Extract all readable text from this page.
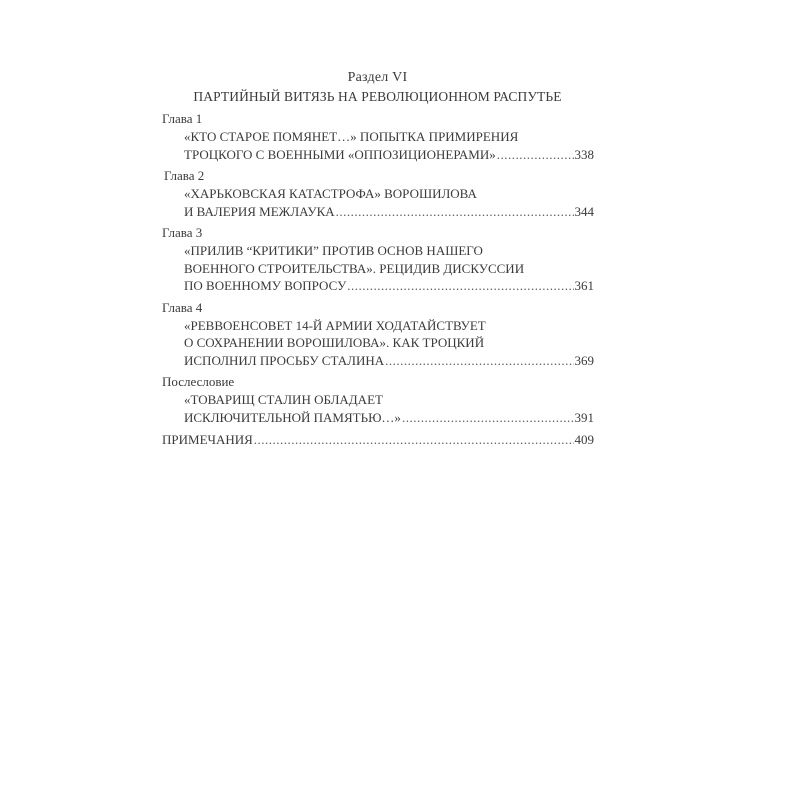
Раздел VI
ПАРТИЙНЫЙ ВИТЯЗЬ НА РЕВОЛЮЦИОННОМ РАСПУТЬЕ
Глава 1
«КТО СТАРОЕ ПОМЯНЕТ…» ПОПЫТКА ПРИМИРЕНИЯ
ТРОЦКОГО С ВОЕННЫМИ «ОППОЗИЦИОНЕРАМИ» .....	338
Глава 2
«ХАРЬКОВСКАЯ КАТАСТРОФА» ВОРОШИЛОВА
И ВАЛЕРИЯ МЕЖЛАУКА .....	344
Глава 3
«ПРИЛИВ “КРИТИКИ” ПРОТИВ ОСНОВ НАШЕГО
ВОЕННОГО СТРОИТЕЛЬСТВА». РЕЦИДИВ ДИСКУССИИ
ПО ВОЕННОМУ ВОПРОСУ .....	361
Глава 4
«РЕВВОЕНСОВЕТ 14-Й АРМИИ ХОДАТАЙСТВУЕТ
О СОХРАНЕНИИ ВОРОШИЛОВА». КАК ТРОЦКИЙ
ИСПОЛНИЛ ПРОСЬБУ СТАЛИНА .....	369
Послесловие
«ТОВАРИЩ СТАЛИН ОБЛАДАЕТ
ИСКЛЮЧИТЕЛЬНОЙ ПАМЯТЬЮ…» .....	391
ПРИМЕЧАНИЯ .....	409
